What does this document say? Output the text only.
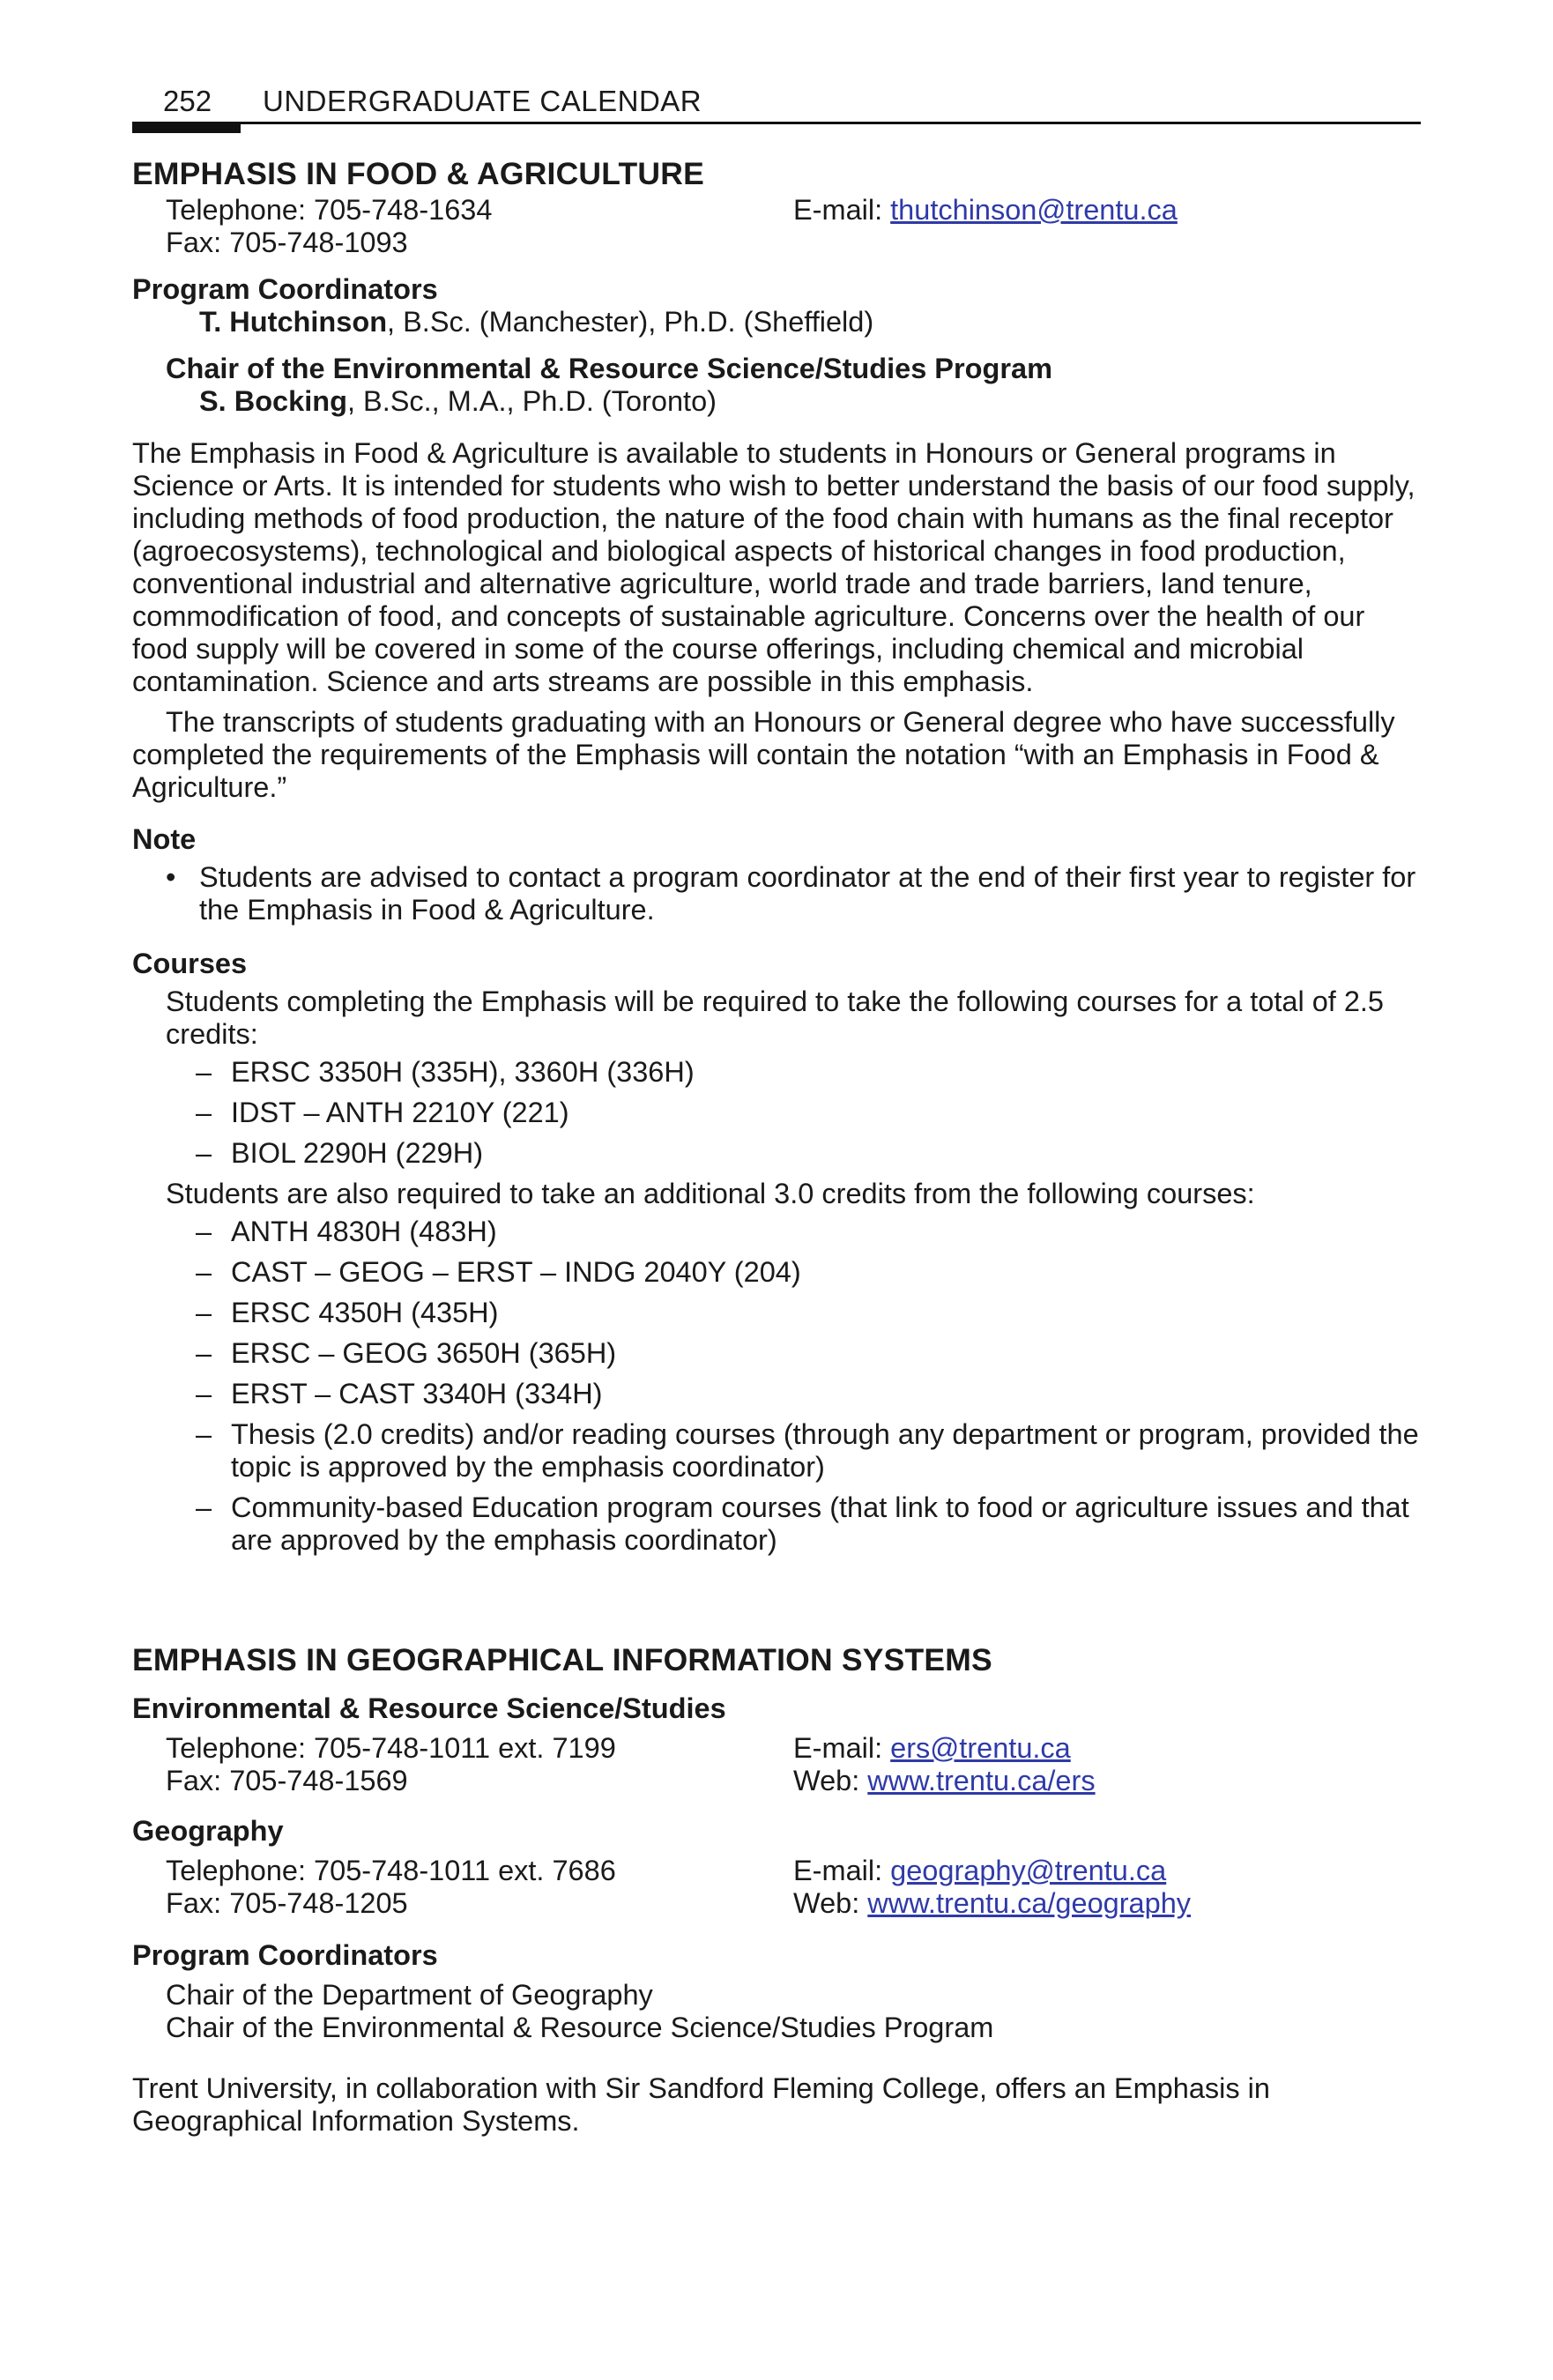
252 UNDERGRADUATE CALENDAR
EMPHASIS IN FOOD & AGRICULTURE
Telephone: 705-748-1634
Fax: 705-748-1093
E-mail: thutchinson@trentu.ca
Program Coordinators
T. Hutchinson, B.Sc. (Manchester), Ph.D. (Sheffield)
Chair of the Environmental & Resource Science/Studies Program
S. Bocking, B.Sc., M.A., Ph.D. (Toronto)

The Emphasis in Food & Agriculture is available to students in Honours or General programs in Science or Arts. It is intended for students who wish to better understand the basis of our food supply, including methods of food production, the nature of the food chain with humans as the final receptor (agroecosystems), technological and biological aspects of historical changes in food production, conventional industrial and alternative agriculture, world trade and trade barriers, land tenure, commodification of food, and concepts of sustainable agriculture. Concerns over the health of our food supply will be covered in some of the course offerings, including chemical and microbial contamination. Science and arts streams are possible in this emphasis.

The transcripts of students graduating with an Honours or General degree who have successfully completed the requirements of the Emphasis will contain the notation “with an Emphasis in Food & Agriculture.”

Note
• Students are advised to contact a program coordinator at the end of their first year to register for the Emphasis in Food & Agriculture.
Courses

Students completing the Emphasis will be required to take the following courses for a total of 2.5 credits:

– ERSC 3350H (335H), 3360H (336H)
– IDST – ANTH 2210Y (221)
– BIOL 2290H (229H)

Students are also required to take an additional 3.0 credits from the following courses:

– ANTH 4830H (483H)
– CAST – GEOG – ERST – INDG 2040Y (204)
– ERSC 4350H (435H)
– ERSC – GEOG 3650H (365H)
– ERST – CAST 3340H (334H)
– Thesis (2.0 credits) and/or reading courses (through any department or program, provided the topic is approved by the emphasis coordinator)
– Community-based Education program courses (that link to food or agriculture issues and that are approved by the emphasis coordinator)
EMPHASIS IN GEOGRAPHICAL INFORMATION SYSTEMS
Environmental & Resource Science/Studies
Telephone: 705-748-1011 ext. 7199
Fax: 705-748-1569
E-mail: ers@trentu.ca
Web: www.trentu.ca/ers
Geography
Telephone: 705-748-1011 ext. 7686
Fax: 705-748-1205
E-mail: geography@trentu.ca
Web: www.trentu.ca/geography
Program Coordinators
Chair of the Department of Geography
Chair of the Environmental & Resource Science/Studies Program

Trent University, in collaboration with Sir Sandford Fleming College, offers an Emphasis in Geographical Information Systems.
